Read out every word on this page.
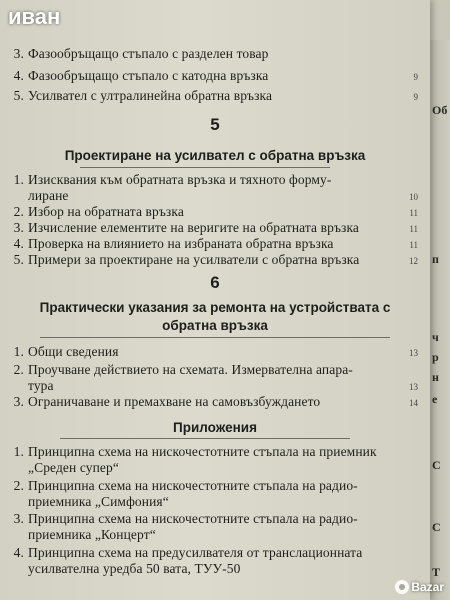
Об
п
ч
р
н
е
С
С
Т
3. Фазообръщащо стъпало с разделен товар
4. Фазообръщащо стъпало с катодна връзка	9
5. Усилвател с ултралинейна обратна връзка	9
5
Проектиране на усилвател с обратна връзка
1. Изисквания към обратната връзка и тяхното форму-
лиране	10
2. Избор на обратната връзка	11
3. Изчисление елементите на веригите на обратната връзка	11
4. Проверка на влиянието на избраната обратна връзка	11
5. Примери за проектиране на усилватели с обратна връзка	12
6
Практически указания за ремонта на устройствата с
обратна връзка
1. Общи сведения	13
2. Проучване действието на схемата. Измервателна апара-
тура	13
3. Ограничаване и премахване на самовъзбуждането	14
Приложения
1. Принципна схема на нискочестотните стъпала на приемник
„Среден супер“
2. Принципна схема на нискочестотните стъпала на радио-
приемника „Симфония“
3. Принципна схема на нискочестотните стъпала на радио-
приемника „Концерт“
4. Принципна схема на предусилвателя от транслационната
усилвателна уредба 50 вата, ТУУ-50
иван
Bazar
